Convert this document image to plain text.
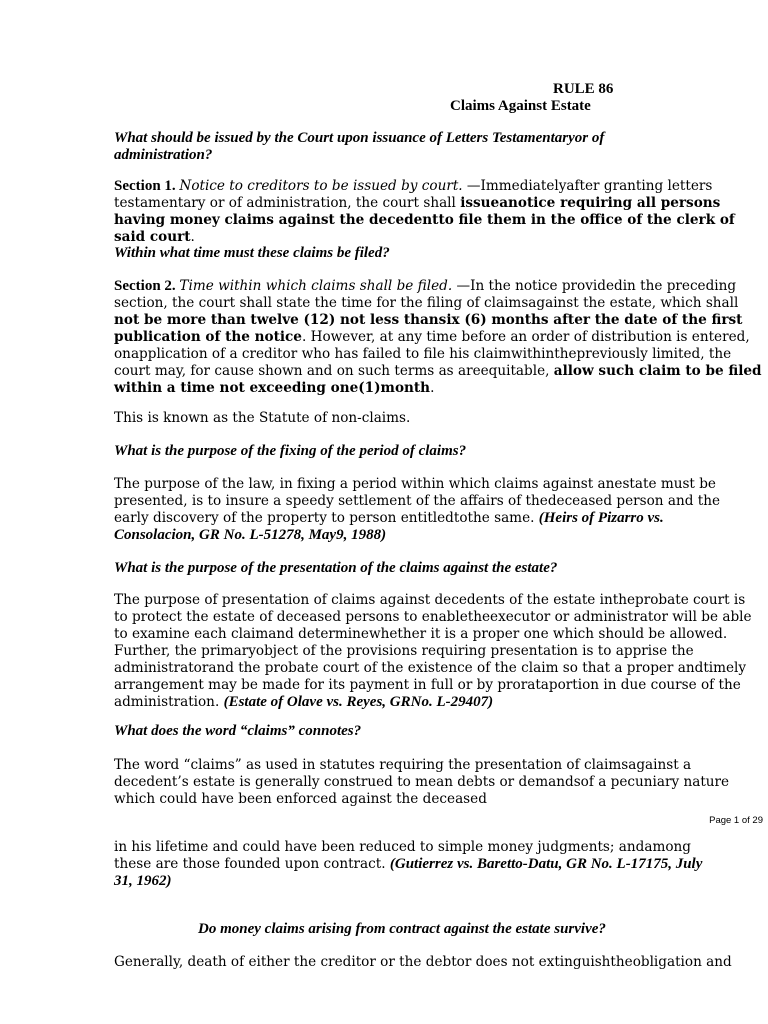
RULE 86
Claims Against Estate

What should be issued by the Court upon issuance of Letters Testamentaryor of administration?

Section 1. Notice to creditors to be issued by court. —Immediatelyafter granting letters testamentary or of administration, the court shall issueanotice requiring all persons having money claims against the decedentto file them in the office of the clerk of said court.

Within what time must these claims be filed?

Section 2. Time within which claims shall be filed. —In the notice providedin the preceding section, the court shall state the time for the filing of claimsagainst the estate, which shall not be more than twelve (12) not less thansix (6) months after the date of the first publication of the notice. However, at any time before an order of distribution is entered, onapplication of a creditor who has failed to file his claimwithinthepreviously limited, the court may, for cause shown and on such terms as areequitable, allow such claim to be filed within a time not exceeding one(1)month.

This is known as the Statute of non-claims.

What is the purpose of the fixing of the period of claims?

The purpose of the law, in fixing a period within which claims against anestate must be presented, is to insure a speedy settlement of the affairs of thedeceased person and the early discovery of the property to person entitledtothe same. (Heirs of Pizarro vs. Consolacion, GR No. L-51278, May9, 1988)

What is the purpose of the presentation of the claims against the estate?

The purpose of presentation of claims against decedents of the estate intheprobate court is to protect the estate of deceased persons to enabletheexecutor or administrator will be able to examine each claimand determinewhether it is a proper one which should be allowed. Further, the primaryobject of the provisions requiring presentation is to apprise the administratorand the probate court of the existence of the claim so that a proper andtimely arrangement may be made for its payment in full or by prorataportion in due course of the administration. (Estate of Olave vs. Reyes, GRNo. L-29407)

What does the word “claims” connotes?

The word “claims” as used in statutes requiring the presentation of claimsagainst a decedent’s estate is generally construed to mean debts or demandsof a pecuniary nature which could have been enforced against the deceased

Page 1 of 29

in his lifetime and could have been reduced to simple money judgments; andamong these are those founded upon contract. (Gutierrez vs. Baretto-Datu, GR No. L-17175, July 31, 1962)

Do money claims arising from contract against the estate survive?

Generally, death of either the creditor or the debtor does not extinguishtheobligation and
